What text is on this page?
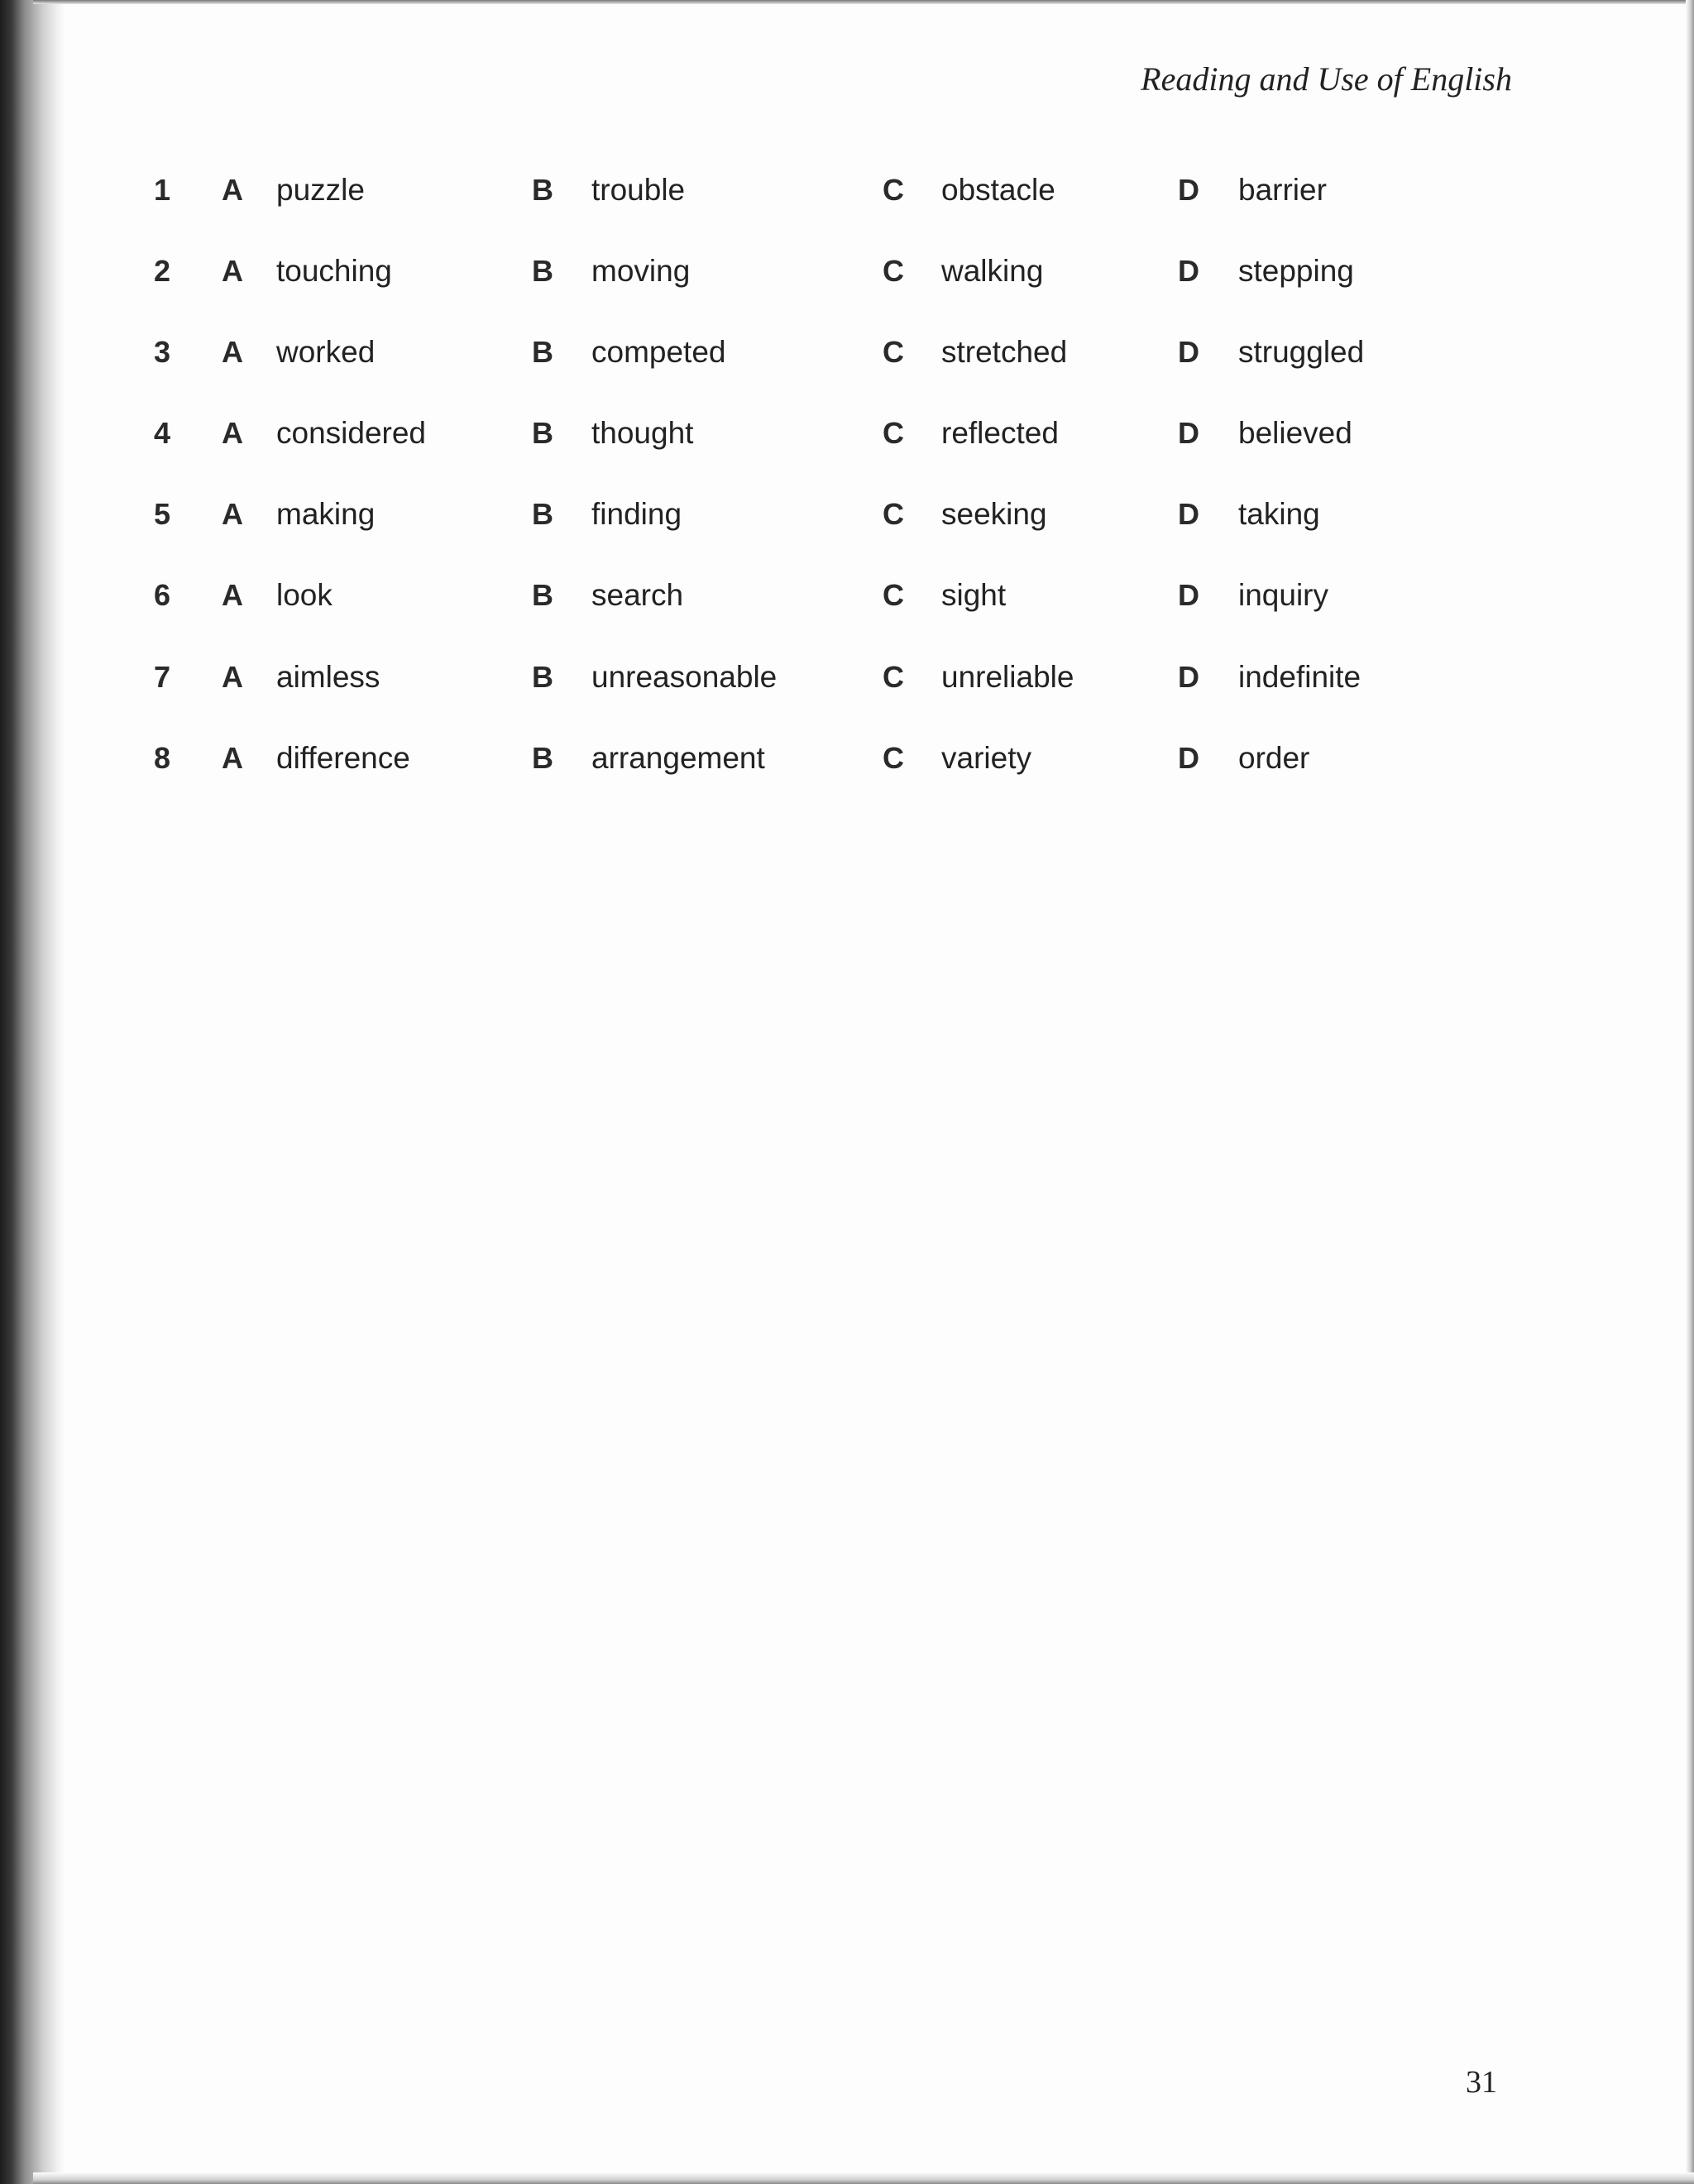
Reading and Use of English
1 A puzzle	B trouble	C obstacle	D barrier
2 A touching	B moving	C walking	D stepping
3 A worked	B competed	C stretched	D struggled
4 A considered	B thought	C reflected	D believed
5 A making	B finding	C seeking	D taking
6 A look	B search	C sight	D inquiry
7 A aimless	B unreasonable	C unreliable	D indefinite
8 A difference	B arrangement	C variety	D order
31
